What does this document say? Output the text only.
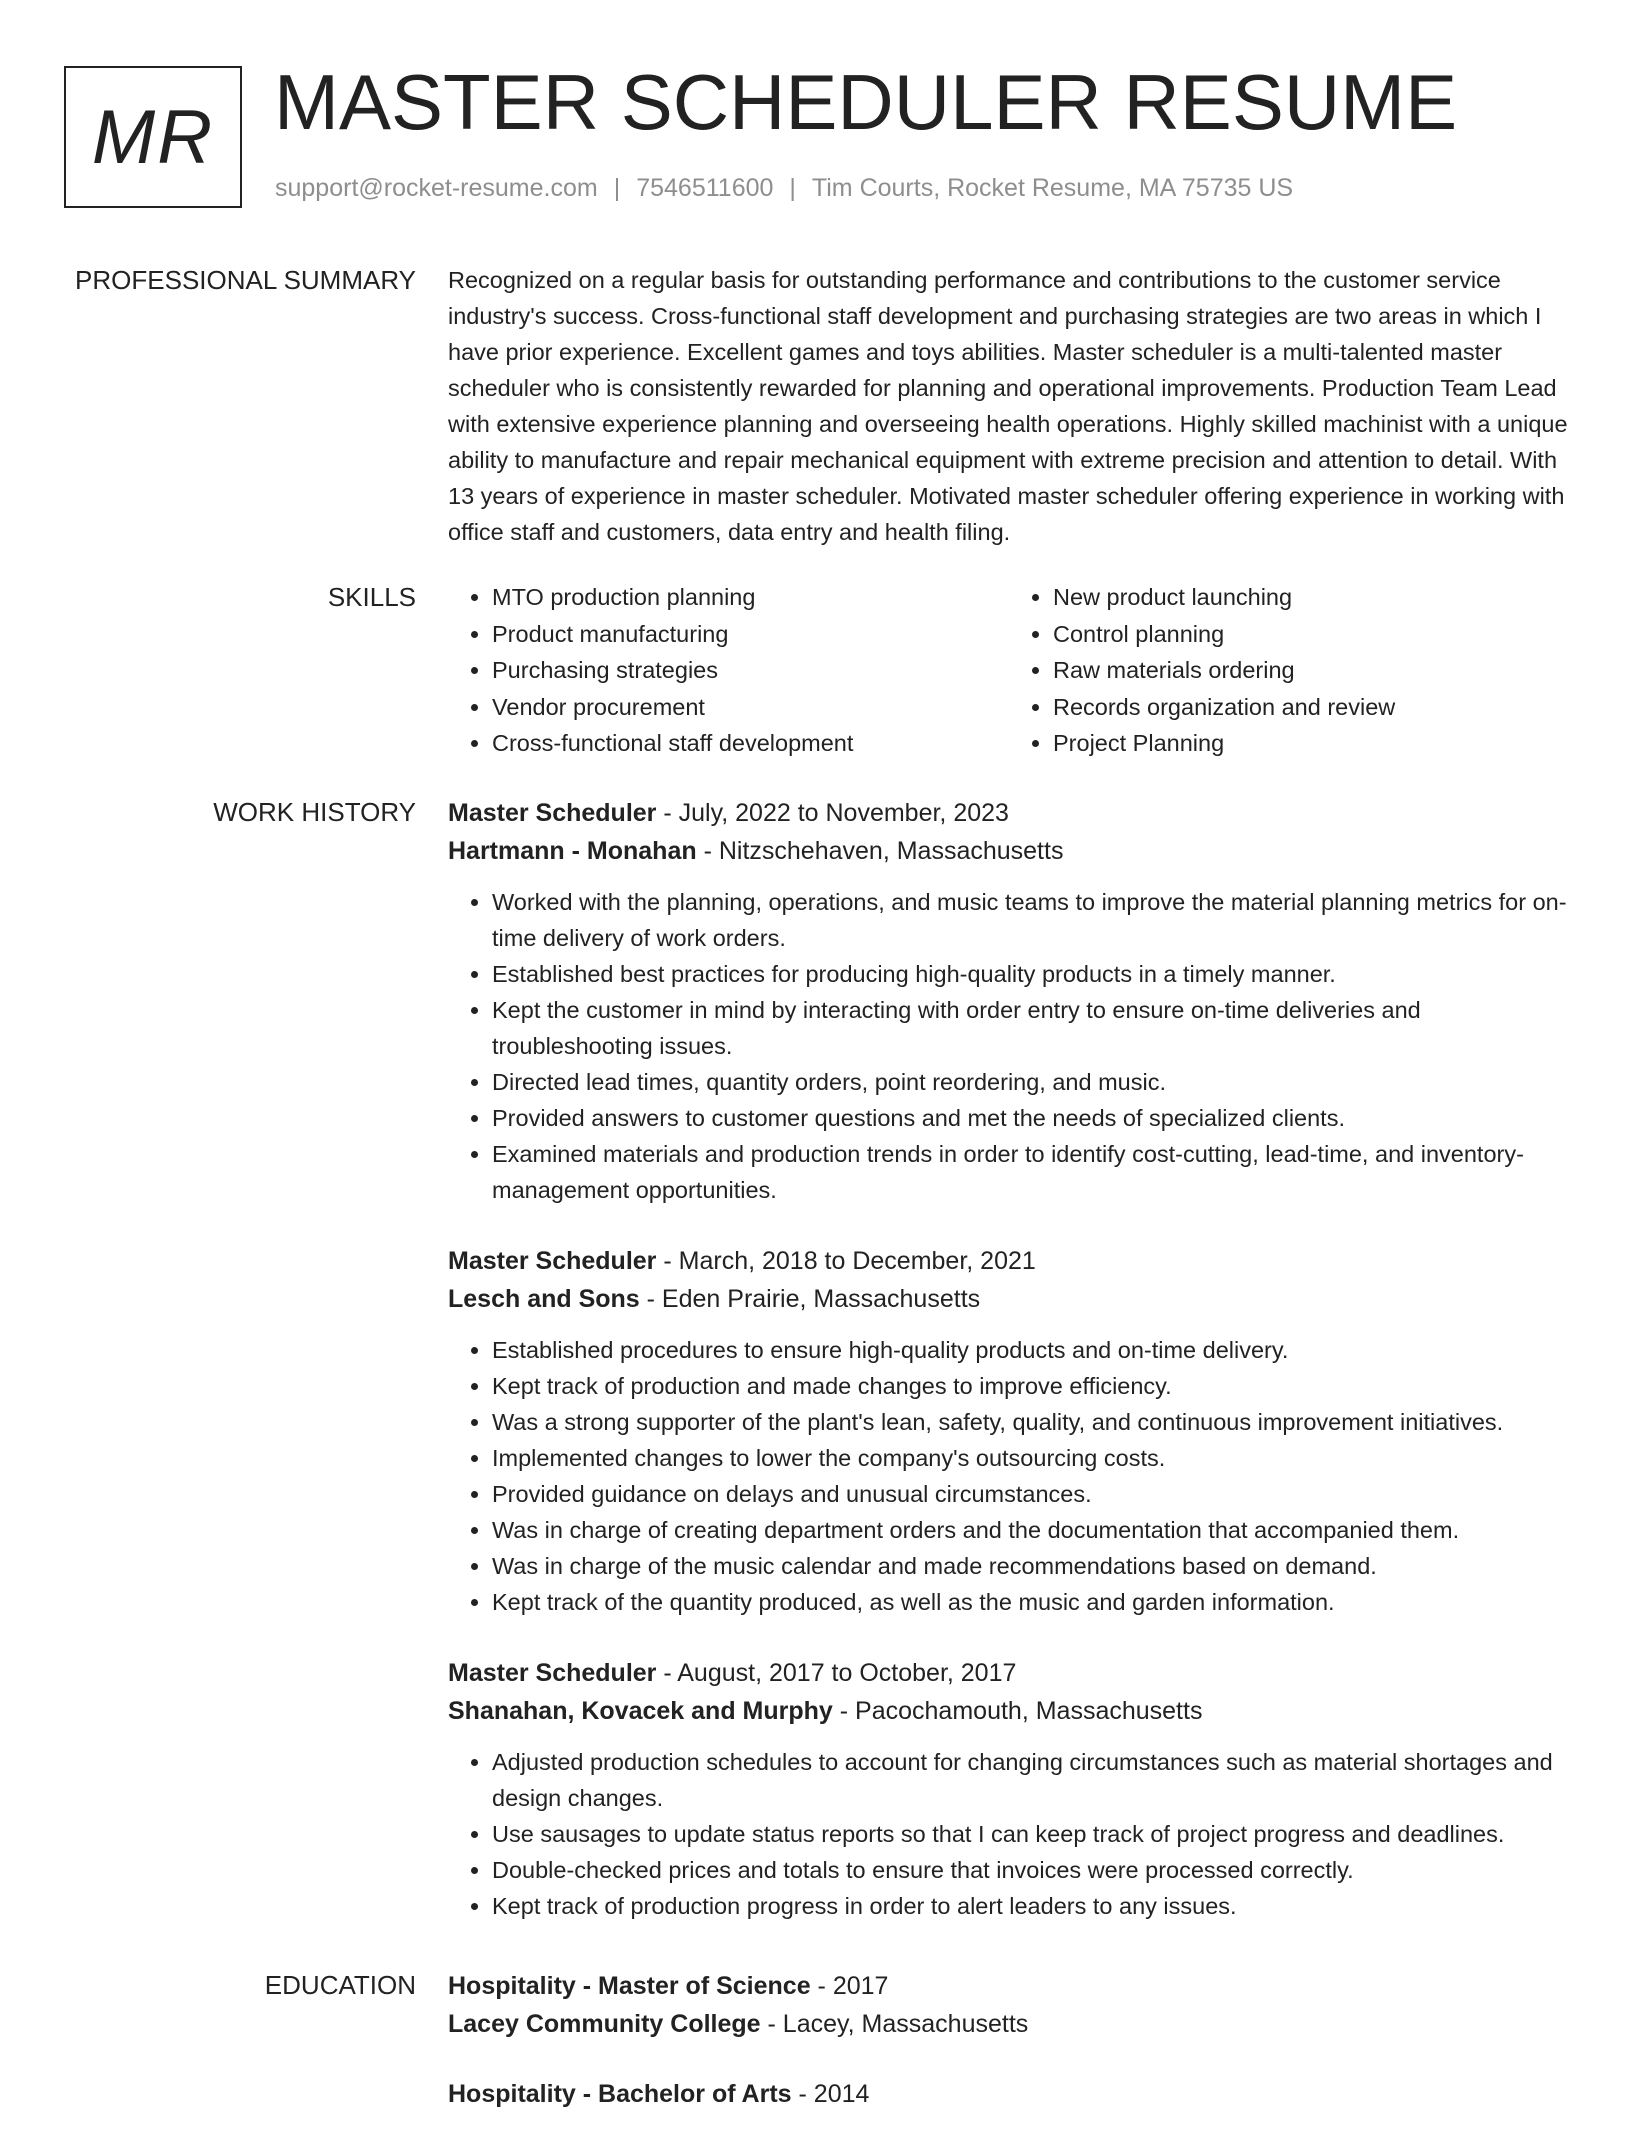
MR MASTER SCHEDULER RESUME
support@rocket-resume.com | 7546511600 | Tim Courts, Rocket Resume, MA 75735 US
PROFESSIONAL SUMMARY Recognized on a regular basis for outstanding performance and contributions to the customer service industry's success. Cross-functional staff development and purchasing strategies are two areas in which I have prior experience. Excellent games and toys abilities. Master scheduler is a multi-talented master scheduler who is consistently rewarded for planning and operational improvements. Production Team Lead with extensive experience planning and overseeing health operations. Highly skilled machinist with a unique ability to manufacture and repair mechanical equipment with extreme precision and attention to detail. With 13 years of experience in master scheduler. Motivated master scheduler offering experience in working with office staff and customers, data entry and health filing.

SKILLS
•	MTO production planning
• Product manufacturing
• Purchasing strategies
• Vendor procurement
• Cross-functional staff development
• New product launching
• Control planning
• Raw materials ordering
• Records organization and review
• Project Planning
WORK HISTORY Master Scheduler - July, 2022 to November, 2023
Hartmann - Monahan - Nitzschehaven, Massachusetts
• Worked with the planning, operations, and music teams to improve the material planning metrics for on-time delivery of work orders.
• Established best practices for producing high-quality products in a timely manner.
• Kept the customer in mind by interacting with order entry to ensure on-time deliveries and troubleshooting issues.
• Directed lead times, quantity orders, point reordering, and music.
• Provided answers to customer questions and met the needs of specialized clients.
• Examined materials and production trends in order to identify cost-cutting, lead-time, and inventory-management opportunities.
Master Scheduler - March, 2018 to December, 2021
Lesch and Sons - Eden Prairie, Massachusetts
• Established procedures to ensure high-quality products and on-time delivery.
• Kept track of production and made changes to improve efficiency.
• Was a strong supporter of the plant's lean, safety, quality, and continuous improvement initiatives.
• Implemented changes to lower the company's outsourcing costs.
• Provided guidance on delays and unusual circumstances.
• Was in charge of creating department orders and the documentation that accompanied them.
• Was in charge of the music calendar and made recommendations based on demand.
• Kept track of the quantity produced, as well as the music and garden information.
Master Scheduler - August, 2017 to October, 2017
Shanahan, Kovacek and Murphy - Pacochamouth, Massachusetts
• Adjusted production schedules to account for changing circumstances such as material shortages and design changes.
• Use sausages to update status reports so that I can keep track of project progress and deadlines.
• Double-checked prices and totals to ensure that invoices were processed correctly.
• Kept track of production progress in order to alert leaders to any issues.
EDUCATION Hospitality - Master of Science - 2017
Lacey Community College - Lacey, Massachusetts
Hospitality - Bachelor of Arts - 2014
